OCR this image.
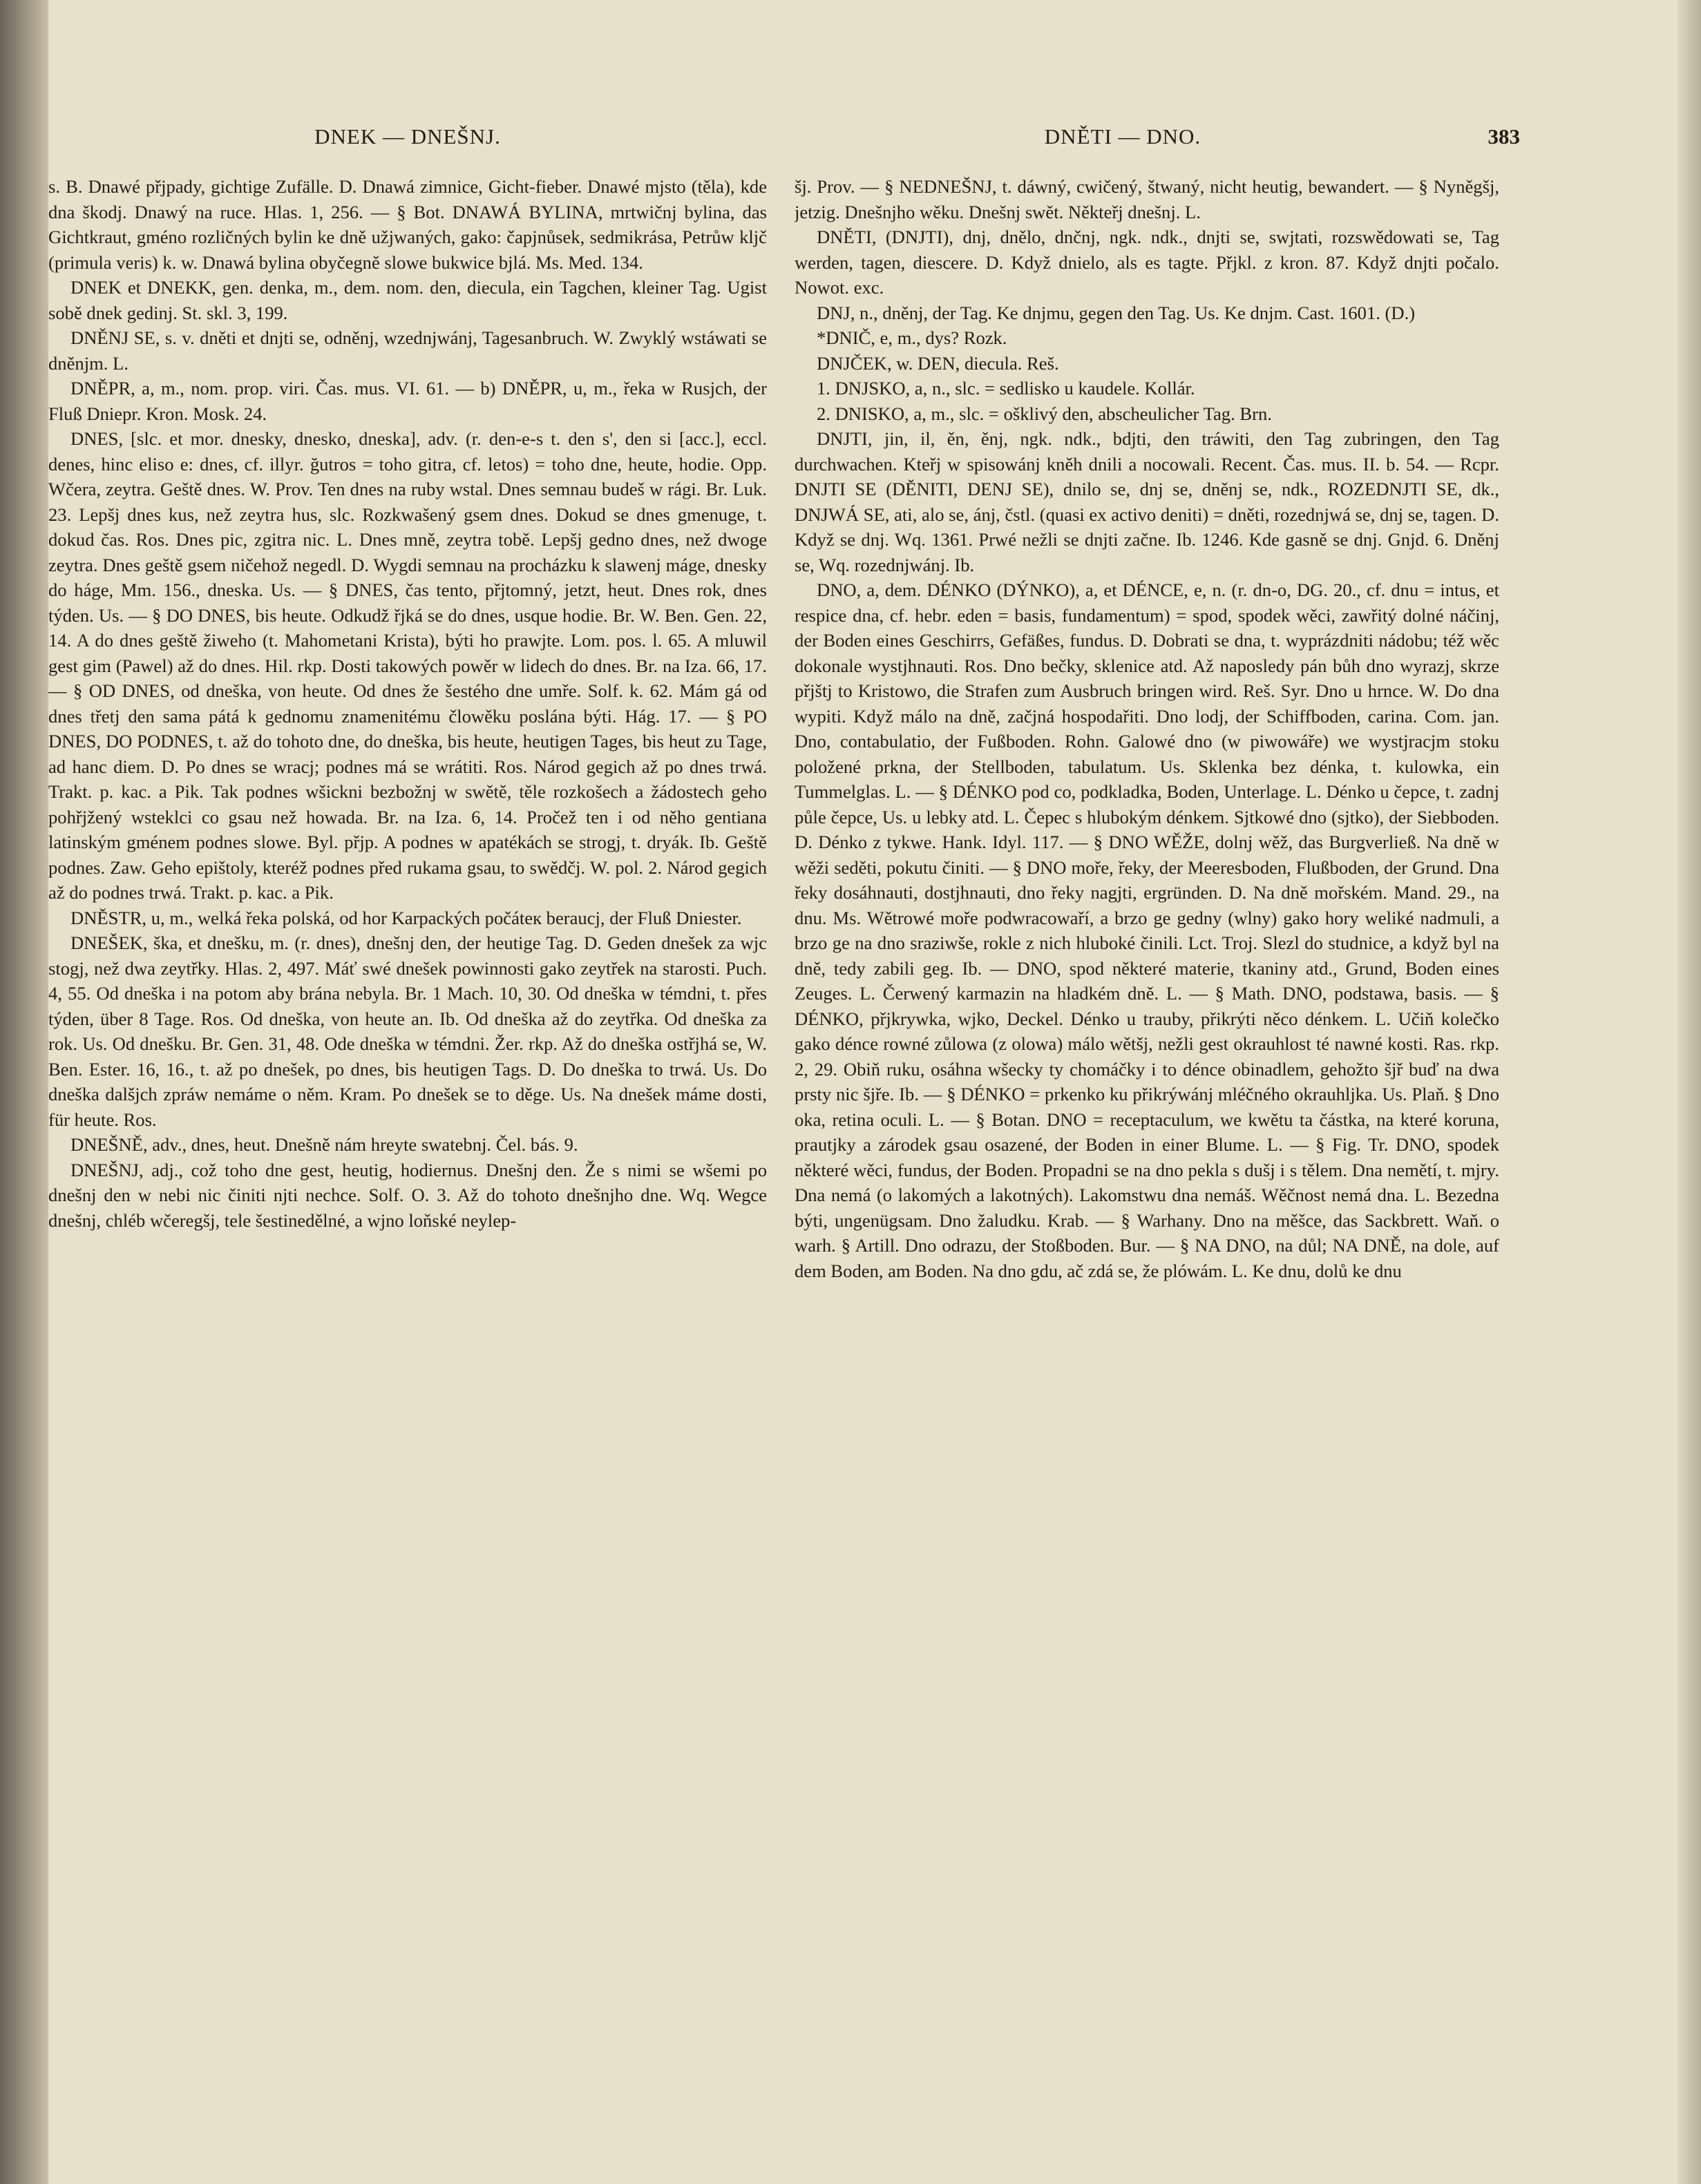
DNEK — DNEŠNJ.	DNĚTI — DNO.	383

s. B. Dnawé přjpady, gichtige Zufälle. D. Dnawá zimnice, Gicht-fieber. Dnawé mjsto (těla), kde dna škodj. Dnawý na ruce. Hlas. 1, 256. — § Bot. DNAWÁ BYLINA, mrtwičnj bylina, das Gichtkraut, gméno rozličných bylin ke dně užjwaných, gako: čapjnůsek, sedmikrása, Petrůw kljč (primula veris) k. w. Dnawá bylina obyčegně slowe bukwice bjlá. Ms. Med. 134.

DNEK et DNEKK, gen. denka, m., dem. nom. den, diecula, ein Tagchen, kleiner Tag. Ugist sobě dnek gedinj. St. skl. 3, 199.

DNĚNJ SE, s. v. dněti et dnjti se, odněnj, wzednjwánj, Tagesanbruch. W. Zwyklý wstáwati se dněnjm. L.

DNĚPR, a, m., nom. prop. viri. Čas. mus. VI. 61. — b) DNĚPR, u, m., řeka w Rusjch, der Fluß Dniepr. Kron. Mosk. 24.

DNES, [slc. et mor. dnesky, dnesko, dneska], adv. (r. den-e-s t. den s', den si [acc.], eccl. denes, hinc eliso e: dnes, cf. illyr. ğutros = toho gitra, cf. letos) = toho dne, heute, hodie. Opp. Wčera, zeytra. Geště dnes. W. Prov. Ten dnes na ruby wstal. Dnes semnau budeš w rági. Br. Luk. 23. Lepšj dnes kus, než zeytra hus, slc. Rozkwašený gsem dnes. Dokud se dnes gmenuge, t. dokud čas. Ros. Dnes pic, zgitra nic. L. Dnes mně, zeytra tobě. Lepšj gedno dnes, než dwoge zeytra. Dnes geště gsem ničehož negedl. D. Wygdi semnau na procházku k slawenj máge, dnesky do háge, Mm. 156., dneska. Us. — § DNES, čas tento, přjtomný, jetzt, heut. Dnes rok, dnes týden. Us. — § DO DNES, bis heute. Odkudž řjká se do dnes, usque hodie. Br. W. Ben. Gen. 22, 14. A do dnes geště žiweho (t. Mahometani Krista), býti ho prawjte. Lom. pos. l. 65. A mluwil gest gim (Pawel) až do dnes. Hil. rkp. Dosti takowých powěr w lidech do dnes. Br. na Iza. 66, 17. — § OD DNES, od dneška, von heute. Od dnes že šestého dne umře. Solf. k. 62. Mám gá od dnes třetj den sama pátá k gednomu znamenitému člowěku poslána býti. Hág. 17. — § PO DNES, DO PODNES, t. až do tohoto dne, do dneška, bis heute, heutigen Tages, bis heut zu Tage, ad hanc diem. D. Po dnes se wracj; podnes má se wrátiti. Ros. Národ gegich až po dnes trwá. Trakt. p. kac. a Pik. Tak podnes wšickni bezbožnj w swětě, těle rozkošech a žádostech geho pohřjžený wsteklci co gsau než howada. Br. na Iza. 6, 14. Pročež ten i od něho gentiana latinským gménem podnes slowe. Byl. přjp. A podnes w apatékách se strogj, t. dryák. Ib. Geště podnes. Zaw. Geho epištoly, kteréž podnes před rukama gsau, to swědčj. W. pol. 2. Národ gegich až do podnes trwá. Trakt. p. kac. a Pik.

DNĚSTR, u, m., welká řeka polská, od hor Karpackých počáteк beraucj, der Fluß Dniester.

DNEŠEK, ška, et dnešku, m. (r. dnes), dnešnj den, der heutige Tag. D. Geden dnešek za wjc stogj, než dwa zeytřky. Hlas. 2, 497. Máť swé dnešek powinnosti gako zeytřek na starosti. Puch. 4, 55. Od dneška i na potom aby brána nebyla. Br. 1 Mach. 10, 30. Od dneška w témdni, t. přes týden, über 8 Tage. Ros. Od dneška, von heute an. Ib. Od dneška až do zeytřka. Od dneška za rok. Us. Od dnešku. Br. Gen. 31, 48. Ode dneška w témdni. Žer. rkp. Až do dneška ostřjhá se, W. Ben. Ester. 16, 16., t. až po dnešek, po dnes, bis heutigen Tags. D. Do dneška to trwá. Us. Do dneška dalšjch zpráw nemáme o něm. Kram. Po dnešek se to děge. Us. Na dnešek máme dosti, für heute. Ros.

DNEŠNĚ, adv., dnes, heut. Dnešně nám hreyte swatebnj. Čel. bás. 9.

DNEŠNJ, adj., což toho dne gest, heutig, hodiernus. Dnešnj den. Že s nimi se wšemi po dnešnj den w nebi nic činiti njti nechce. Solf. O. 3. Až do tohoto dnešnjho dne. Wq. Wegce dnešnj, chléb wčeregšj, tele šestinedělné, a wjno loňské neylep-

šj. Prov. — § NEDNEŠNJ, t. dáwný, cwičený, štwaný, nicht heutig, bewandert. — § Nyněgšj, jetzig. Dnešnjho wěku. Dnešnj swět. Někteřj dnešnj. L.

DNĚTI, (DNJTI), dnj, dnělo, dnčnj, ngk. ndk., dnjti se, swjtati, rozswědowati se, Tag werden, tagen, diescere. D. Když dnielo, als es tagte. Přjkl. z kron. 87. Když dnjti počalo. Nowot. exc.

DNJ, n., dněnj, der Tag. Ke dnjmu, gegen den Tag. Us. Ke dnjm. Cast. 1601. (D.)

*DNIČ, e, m., dys? Rozk.

DNJČEK, w. DEN, diecula. Reš.

1. DNJSKO, a, n., slc. = sedlisko u kaudele. Kollár.

2. DNISKO, a, m., slc. = ošklivý den, abscheulicher Tag. Brn.

DNJTI, jin, il, ěn, ěnj, ngk. ndk., bdjti, den tráwiti, den Tag zubringen, den Tag durchwachen. Kteřj w spisowánj kněh dnili a nocowali. Recent. Čas. mus. II. b. 54. — Rcpr. DNJTI SE (DĚNITI, DENJ SE), dnilo se, dnj se, dněnj se, ndk., ROZEDNJTI SE, dk., DNJWÁ SE, ati, alo se, ánj, čstl. (quasi ex activo deniti) = dněti, rozednjwá se, dnj se, tagen. D. Když se dnj. Wq. 1361. Prwé nežli se dnjti začne. Ib. 1246. Kde gasně se dnj. Gnjd. 6. Dněnj se, Wq. rozednjwánj. Ib.

DNO, a, dem. DÉNKO (DÝNKO), a, et DÉNCE, e, n. (r. dn-o, DG. 20., cf. dnu = intus, et respice dna, cf. hebr. eden = basis, fundamentum) = spod, spodek wěci, zawřitý dolné náčinj, der Boden eines Geschirrs, Gefäßes, fundus. D. Dobrati se dna, t. wyprázdniti nádobu; též wěc dokonale wystjhnauti. Ros. Dno bečky, sklenice atd. Až naposledy pán bůh dno wyrazj, skrze přjštj to Kristowo, die Strafen zum Ausbruch bringen wird. Reš. Syr. Dno u hrnce. W. Do dna wypiti. Když málo na dně, začjná hospodařiti. Dno lodj, der Schiffboden, carina. Com. jan. Dno, contabulatio, der Fußboden. Rohn. Galowé dno (w piwowáře) we wystjracjm stoku položené prkna, der Stellboden, tabulatum. Us. Sklenka bez dénka, t. kulowka, ein Tummelglas. L. — § DÉNKO pod co, podkladka, Boden, Unterlage. L. Dénko u čepce, t. zadnj půle čepce, Us. u lebky atd. L. Čepec s hlubokým dénkem. Sjtkowé dno (sjtko), der Siebboden. D. Dénko z tykwe. Hank. Idyl. 117. — § DNO WĚŽE, dolnj wěž, das Burgverließ. Na dně w wěži seděti, pokutu činiti. — § DNO moře, řeky, der Meeresboden, Flußboden, der Grund. Dna řeky dosáhnauti, dostjhnauti, dno řeky nagjti, ergründen. D. Na dně mořském. Mand. 29., na dnu. Ms. Wětrowé moře podwracowaří, a brzo ge gedny (wlny) gako hory weliké nadmuli, a brzo ge na dno sraziwše, rokle z nich hluboké činili. Lct. Troj. Slezl do studnice, a když byl na dně, tedy zabili geg. Ib. — DNO, spod některé materie, tkaniny atd., Grund, Boden eines Zeuges. L. Čerwený karmazin na hladkém dně. L. — § Math. DNO, podstawa, basis. — § DÉNKO, přjkrywka, wjko, Deckel. Dénko u trauby, přikrýti něco dénkem. L. Učiň kolečko gako dénce rowné zůlowa (z olowa) málo wětšj, nežli gest okrauhlost té nawné kosti. Ras. rkp. 2, 29. Obiň ruku, osáhna wšecky ty chomáčky i to dénce obinadlem, gehožto šjř buď na dwa prsty nic šjře. Ib. — § DÉNKO = prkenko ku přikrýwánj mléčného okrauhljka. Us. Plaň. § Dno oka, retina oculi. L. — § Botan. DNO = receptaculum, we kwětu ta částka, na které koruna, prautjky a zárodek gsau osazené, der Boden in einer Blume. L. — § Fig. Tr. DNO, spodek některé wěci, fundus, der Boden. Propadni se na dno pekla s dušj i s tělem. Dna nemětí, t. mjry. Dna nemá (o lakomých a lakotných). Lakomstwu dna nemáš. Wěčnost nemá dna. L. Bezedna býti, ungenügsam. Dno žaludku. Krab. — § Warhany. Dno na měšce, das Sackbrett. Waň. o warh. § Artill. Dno odrazu, der Stoßboden. Bur. — § NA DNO, na důl; NA DNĚ, na dole, auf dem Boden, am Boden. Na dno gdu, ač zdá se, že plówám. L. Ke dnu, dolů ke dnu
